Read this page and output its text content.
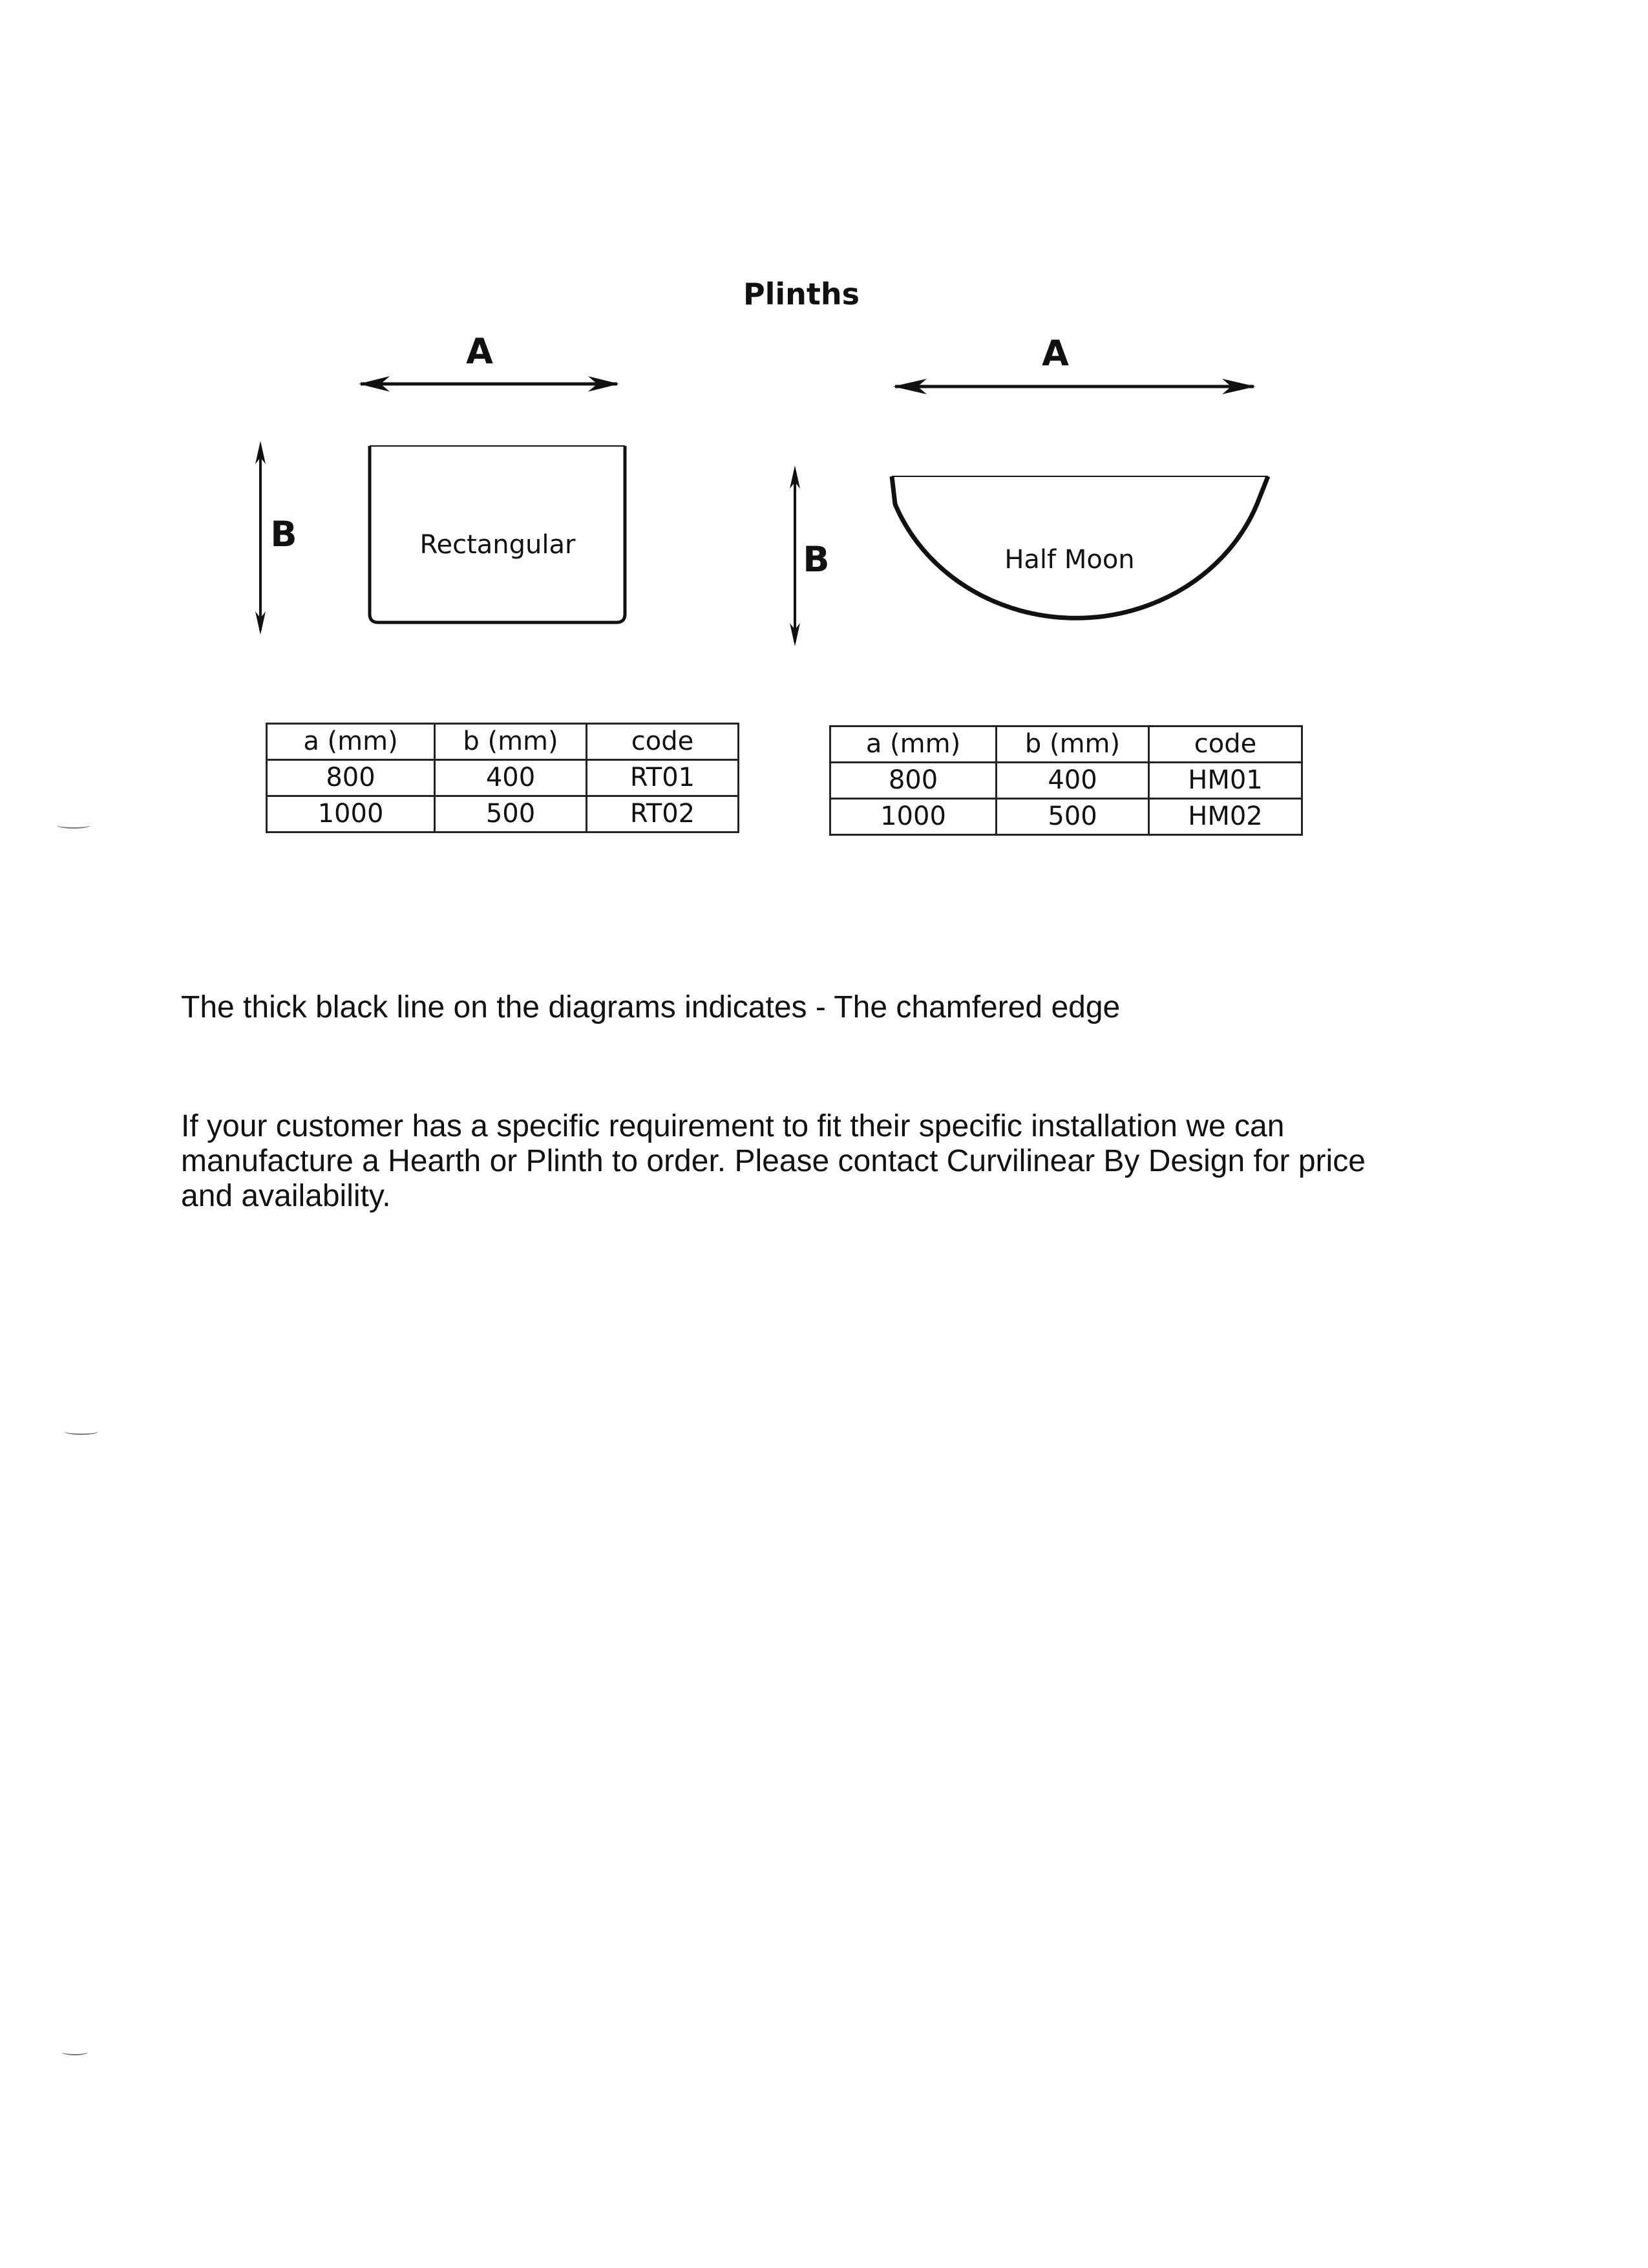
Plinths
A
B
A
B
Rectangular	Half Moon
a (mm)	b (mm)	code
800	400	RT01
1000	500	RT02
a (mm)	b (mm)	code
800	400	HM01
1000	500	HM02
The thick black line on the diagrams indicates - The chamfered edge
If your customer has a specific requirement to fit their specific installation we can manufacture a Hearth or Plinth to order. Please contact Curvilinear By Design for price and availability.
